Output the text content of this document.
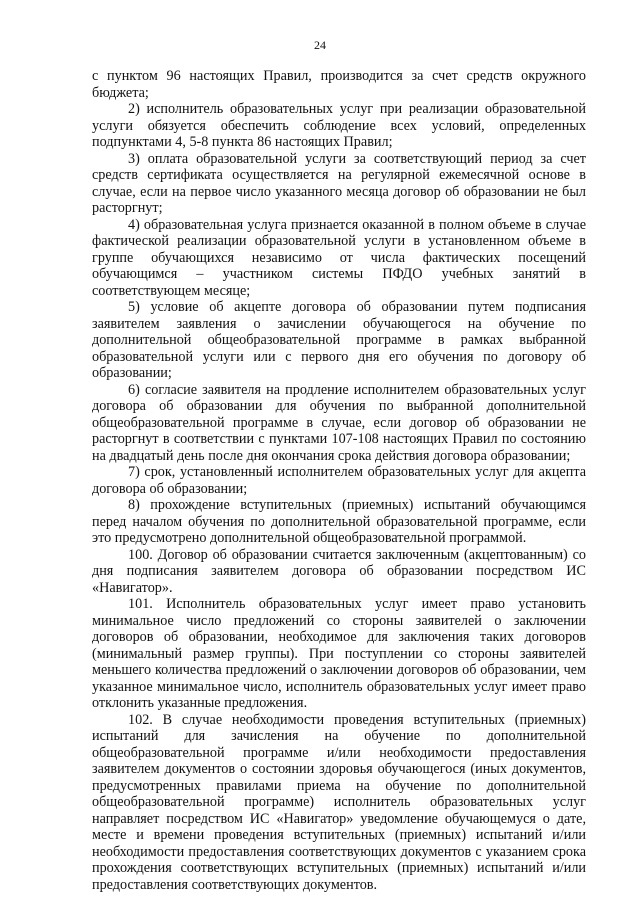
24

с пунктом 96 настоящих Правил, производится за счет средств окружного бюджета;

2) исполнитель образовательных услуг при реализации образовательной услуги обязуется обеспечить соблюдение всех условий, определенных подпунктами 4, 5-8 пункта 86 настоящих Правил;

3) оплата образовательной услуги за соответствующий период за счет средств сертификата осуществляется на регулярной ежемесячной основе в случае, если на первое число указанного месяца договор об образовании не был расторгнут;

4) образовательная услуга признается оказанной в полном объеме в случае фактической реализации образовательной услуги в установленном объеме в группе обучающихся независимо от числа фактических посещений обучающимся – участником системы ПФДО учебных занятий в соответствующем месяце;

5) условие об акцепте договора об образовании путем подписания заявителем заявления о зачислении обучающегося на обучение по дополнительной общеобразовательной программе в рамках выбранной образовательной услуги или с первого дня его обучения по договору об образовании;

6) согласие заявителя на продление исполнителем образовательных услуг договора об образовании для обучения по выбранной дополнительной общеобразовательной программе в случае, если договор об образовании не расторгнут в соответствии с пунктами 107-108 настоящих Правил по состоянию на двадцатый день после дня окончания срока действия договора образовании;

7) срок, установленный исполнителем образовательных услуг для акцепта договора об образовании;

8) прохождение вступительных (приемных) испытаний обучающимся перед началом обучения по дополнительной образовательной программе, если это предусмотрено дополнительной общеобразовательной программой.

100. Договор об образовании считается заключенным (акцептованным) со дня подписания заявителем договора об образовании посредством ИС «Навигатор».

101. Исполнитель образовательных услуг имеет право установить минимальное число предложений со стороны заявителей о заключении договоров об образовании, необходимое для заключения таких договоров (минимальный размер группы). При поступлении со стороны заявителей меньшего количества предложений о заключении договоров об образовании, чем указанное минимальное число, исполнитель образовательных услуг имеет право отклонить указанные предложения.

102. В случае необходимости проведения вступительных (приемных) испытаний для зачисления на обучение по дополнительной общеобразовательной программе и/или необходимости предоставления заявителем документов о состоянии здоровья обучающегося (иных документов, предусмотренных правилами приема на обучение по дополнительной общеобразовательной программе) исполнитель образовательных услуг направляет посредством ИС «Навигатор» уведомление обучающемуся о дате, месте и времени проведения вступительных (приемных) испытаний и/или необходимости предоставления соответствующих документов с указанием срока прохождения соответствующих вступительных (приемных) испытаний и/или предоставления соответствующих документов.
